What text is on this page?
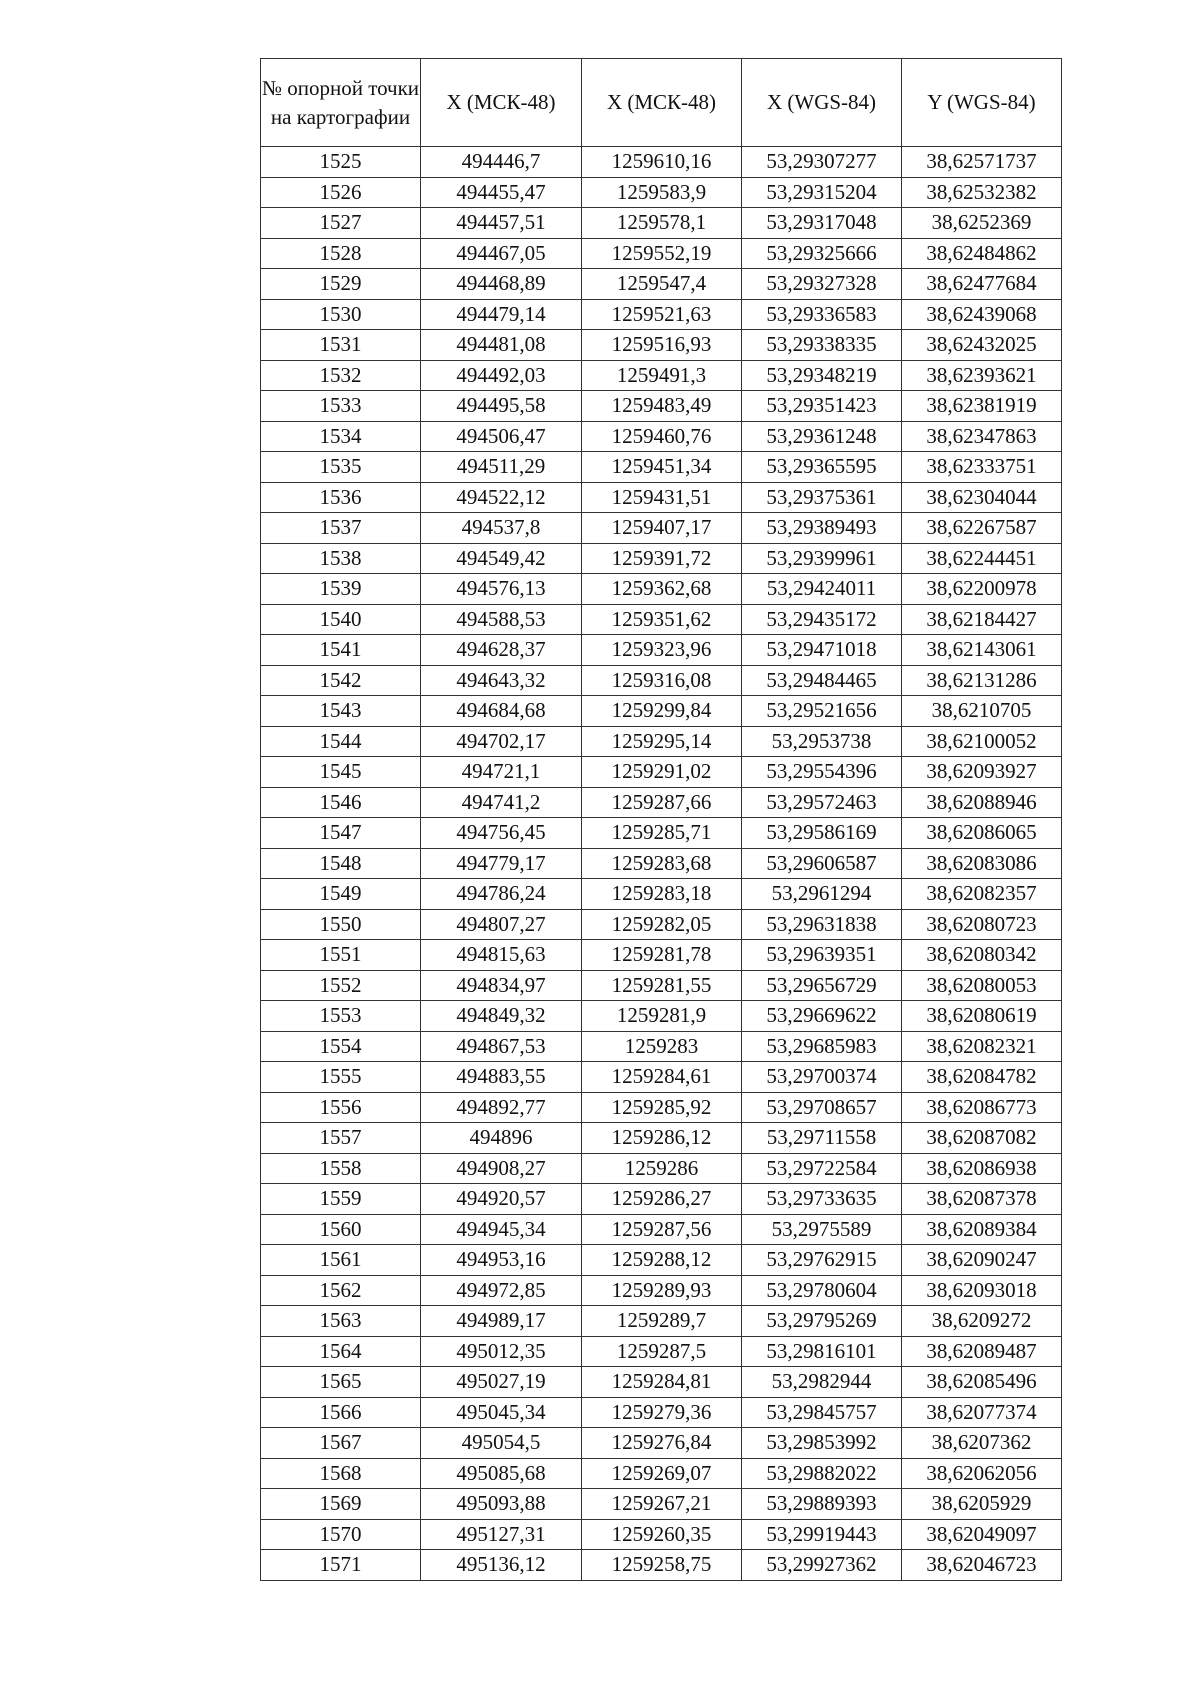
№ опорной точки на картографии	X (МСК-48)	X (МСК-48)	X (WGS-84)	Y (WGS-84)
1525	494446,7	1259610,16	53,29307277	38,62571737
1526	494455,47	1259583,9	53,29315204	38,62532382
1527	494457,51	1259578,1	53,29317048	38,6252369
1528	494467,05	1259552,19	53,29325666	38,62484862
1529	494468,89	1259547,4	53,29327328	38,62477684
1530	494479,14	1259521,63	53,29336583	38,62439068
1531	494481,08	1259516,93	53,29338335	38,62432025
1532	494492,03	1259491,3	53,29348219	38,62393621
1533	494495,58	1259483,49	53,29351423	38,62381919
1534	494506,47	1259460,76	53,29361248	38,62347863
1535	494511,29	1259451,34	53,29365595	38,62333751
1536	494522,12	1259431,51	53,29375361	38,62304044
1537	494537,8	1259407,17	53,29389493	38,62267587
1538	494549,42	1259391,72	53,29399961	38,62244451
1539	494576,13	1259362,68	53,29424011	38,62200978
1540	494588,53	1259351,62	53,29435172	38,62184427
1541	494628,37	1259323,96	53,29471018	38,62143061
1542	494643,32	1259316,08	53,29484465	38,62131286
1543	494684,68	1259299,84	53,29521656	38,6210705
1544	494702,17	1259295,14	53,2953738	38,62100052
1545	494721,1	1259291,02	53,29554396	38,62093927
1546	494741,2	1259287,66	53,29572463	38,62088946
1547	494756,45	1259285,71	53,29586169	38,62086065
1548	494779,17	1259283,68	53,29606587	38,62083086
1549	494786,24	1259283,18	53,2961294	38,62082357
1550	494807,27	1259282,05	53,29631838	38,62080723
1551	494815,63	1259281,78	53,29639351	38,62080342
1552	494834,97	1259281,55	53,29656729	38,62080053
1553	494849,32	1259281,9	53,29669622	38,62080619
1554	494867,53	1259283	53,29685983	38,62082321
1555	494883,55	1259284,61	53,29700374	38,62084782
1556	494892,77	1259285,92	53,29708657	38,62086773
1557	494896	1259286,12	53,29711558	38,62087082
1558	494908,27	1259286	53,29722584	38,62086938
1559	494920,57	1259286,27	53,29733635	38,62087378
1560	494945,34	1259287,56	53,2975589	38,62089384
1561	494953,16	1259288,12	53,29762915	38,62090247
1562	494972,85	1259289,93	53,29780604	38,62093018
1563	494989,17	1259289,7	53,29795269	38,6209272
1564	495012,35	1259287,5	53,29816101	38,62089487
1565	495027,19	1259284,81	53,2982944	38,62085496
1566	495045,34	1259279,36	53,29845757	38,62077374
1567	495054,5	1259276,84	53,29853992	38,6207362
1568	495085,68	1259269,07	53,29882022	38,62062056
1569	495093,88	1259267,21	53,29889393	38,6205929
1570	495127,31	1259260,35	53,29919443	38,62049097
1571	495136,12	1259258,75	53,29927362	38,62046723
